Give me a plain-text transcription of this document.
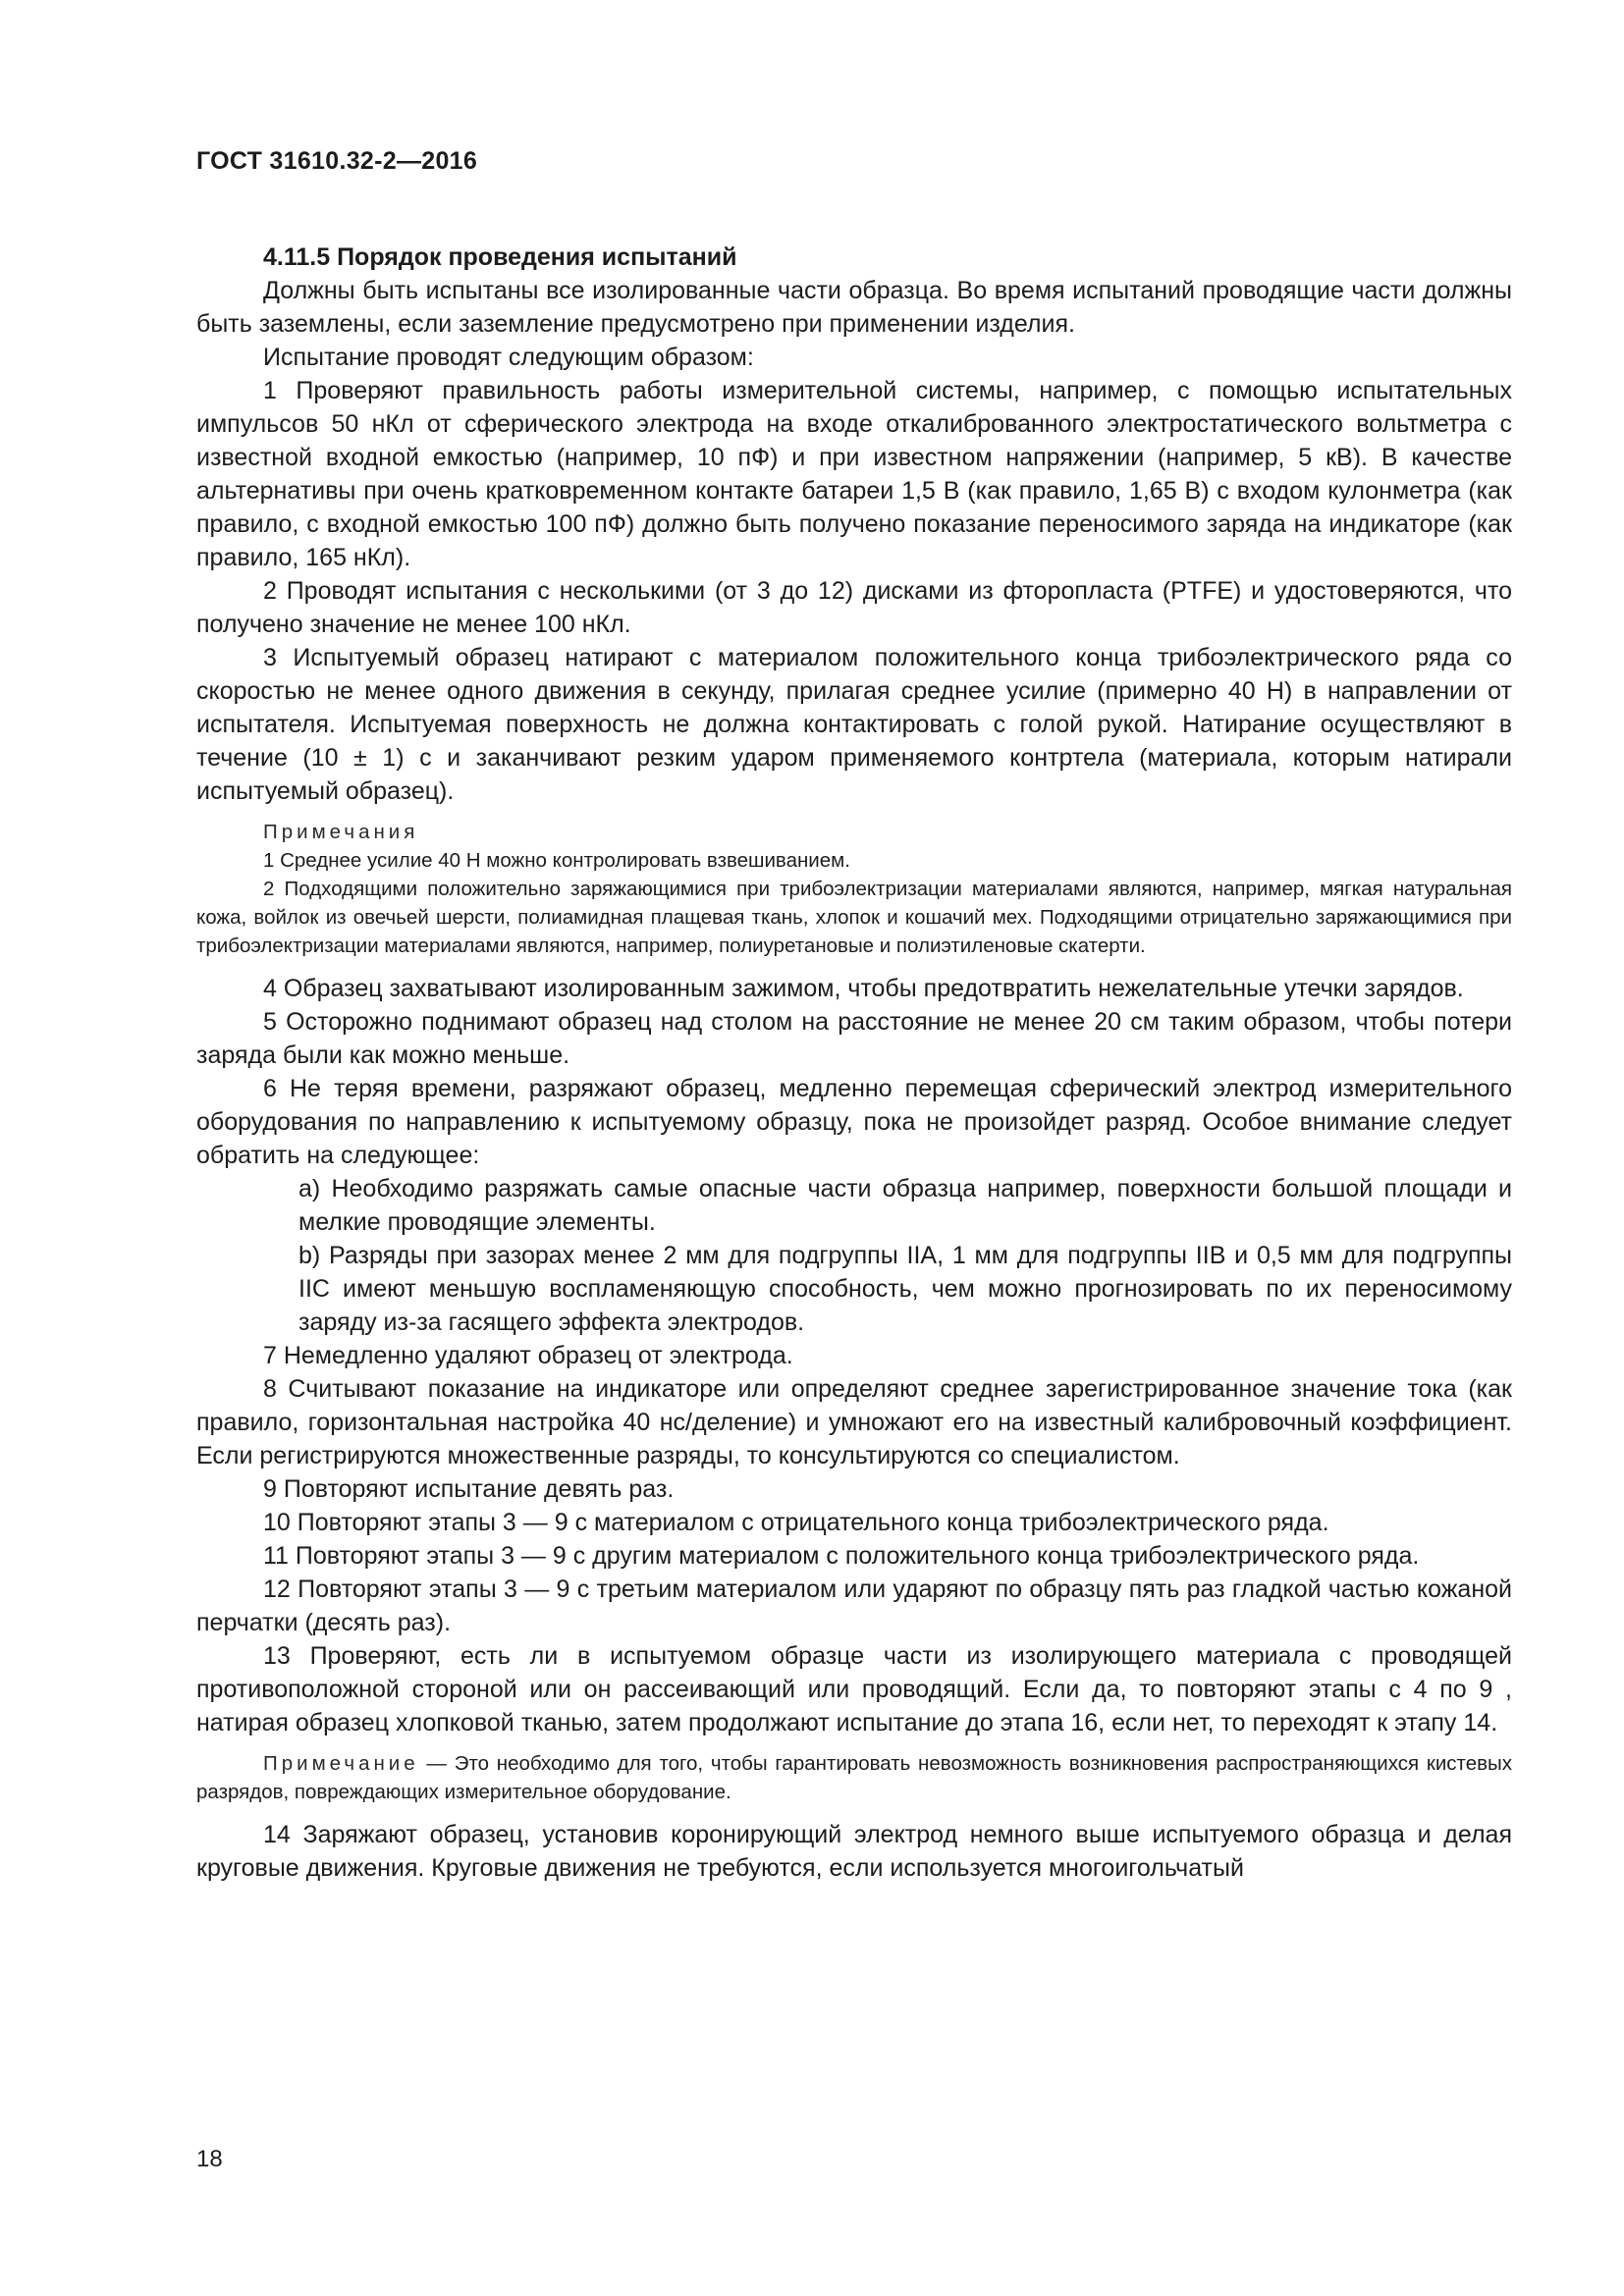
ГОСТ 31610.32-2—2016
4.11.5 Порядок проведения испытаний

Должны быть испытаны все изолированные части образца. Во время испытаний проводящие части должны быть заземлены, если заземление предусмотрено при применении изделия.

Испытание проводят следующим образом:

1 Проверяют правильность работы измерительной системы, например, с помощью испытательных импульсов 50 нКл от сферического электрода на входе откалиброванного электростатического вольтметра с известной входной емкостью (например, 10 пФ) и при известном напряжении (например, 5 кВ). В качестве альтернативы при очень кратковременном контакте батареи 1,5 В (как правило, 1,65 В) с входом кулонметра (как правило, с входной емкостью 100 пФ) должно быть получено показание переносимого заряда на индикаторе (как правило, 165 нКл).

2 Проводят испытания с несколькими (от 3 до 12) дисками из фторопласта (PTFE) и удостоверяются, что получено значение не менее 100 нКл.

3 Испытуемый образец натирают с материалом положительного конца трибоэлектрического ряда со скоростью не менее одного движения в секунду, прилагая среднее усилие (примерно 40 Н) в направлении от испытателя. Испытуемая поверхность не должна контактировать с голой рукой. Натирание осуществляют в течение (10 ± 1) с и заканчивают резким ударом применяемого контртела (материала, которым натирали испытуемый образец).

Примечания

1 Среднее усилие 40 Н можно контролировать взвешиванием.

2 Подходящими положительно заряжающимися при трибоэлектризации материалами являются, например, мягкая натуральная кожа, войлок из овечьей шерсти, полиамидная плащевая ткань, хлопок и кошачий мех. Подходящими отрицательно заряжающимися при трибоэлектризации материалами являются, например, полиуретановые и полиэтиленовые скатерти.

4 Образец захватывают изолированным зажимом, чтобы предотвратить нежелательные утечки зарядов.

5 Осторожно поднимают образец над столом на расстояние не менее 20 см таким образом, чтобы потери заряда были как можно меньше.

6 Не теряя времени, разряжают образец, медленно перемещая сферический электрод измерительного оборудования по направлению к испытуемому образцу, пока не произойдет разряд. Особое внимание следует обратить на следующее:

a) Необходимо разряжать самые опасные части образца например, поверхности большой площади и мелкие проводящие элементы.

b) Разряды при зазорах менее 2 мм для подгруппы IIA, 1 мм для подгруппы IIB и 0,5 мм для подгруппы IIC имеют меньшую воспламеняющую способность, чем можно прогнозировать по их переносимому заряду из-за гасящего эффекта электродов.

7 Немедленно удаляют образец от электрода.

8 Считывают показание на индикаторе или определяют среднее зарегистрированное значение тока (как правило, горизонтальная настройка 40 нс/деление) и умножают его на известный калибровочный коэффициент. Если регистрируются множественные разряды, то консультируются со специалистом.

9 Повторяют испытание девять раз.

10 Повторяют этапы 3 — 9 с материалом с отрицательного конца трибоэлектрического ряда.

11 Повторяют этапы 3 — 9 с другим материалом с положительного конца трибоэлектрического ряда.

12 Повторяют этапы 3 — 9 с третьим материалом или ударяют по образцу пять раз гладкой частью кожаной перчатки (десять раз).

13 Проверяют, есть ли в испытуемом образце части из изолирующего материала с проводящей противоположной стороной или он рассеивающий или проводящий. Если да, то повторяют этапы с 4 по 9 , натирая образец хлопковой тканью, затем продолжают испытание до этапа 16, если нет, то переходят к этапу 14.

Примечание — Это необходимо для того, чтобы гарантировать невозможность возникновения распространяющихся кистевых разрядов, повреждающих измерительное оборудование.

14 Заряжают образец, установив коронирующий электрод немного выше испытуемого образца и делая круговые движения. Круговые движения не требуются, если используется многоигольчатый

18
